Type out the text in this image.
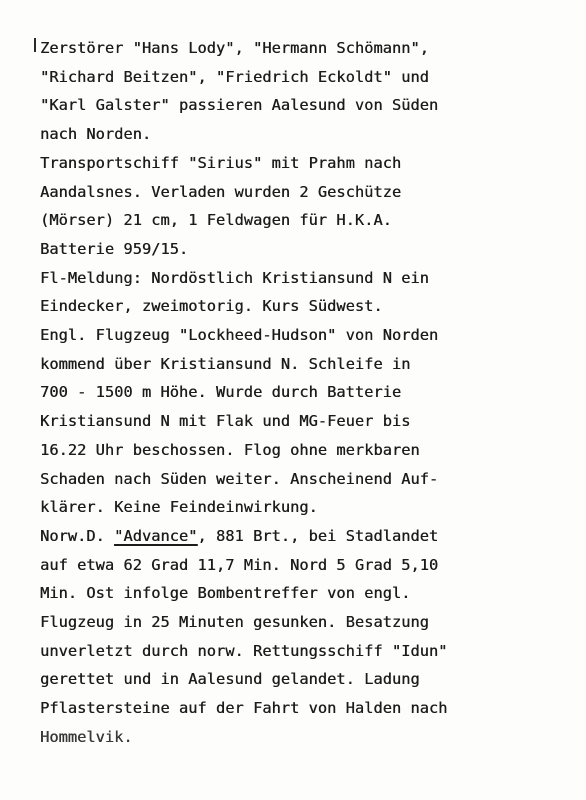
Zerstörer "Hans Lody", "Hermann Schömann",
"Richard Beitzen", "Friedrich Eckoldt" und
"Karl Galster" passieren Aalesund von Süden
nach Norden.
Transportschiff "Sirius" mit Prahm nach
Aandalsnes. Verladen wurden 2 Geschütze
(Mörser) 21 cm, 1 Feldwagen für H.K.A.
Batterie 959/15.
Fl-Meldung: Nordöstlich Kristiansund N ein
Eindecker, zweimotorig. Kurs Südwest.
Engl. Flugzeug "Lockheed-Hudson" von Norden
kommend über Kristiansund N. Schleife in
700 - 1500 m Höhe. Wurde durch Batterie
Kristiansund N mit Flak und MG-Feuer bis
16.22 Uhr beschossen. Flog ohne merkbaren
Schaden nach Süden weiter. Anscheinend Auf-
klärer. Keine Feindeinwirkung.
Norw.D. "Advance", 881 Brt., bei Stadlandet
auf etwa 62 Grad 11,7 Min. Nord 5 Grad 5,10
Min. Ost infolge Bombentreffer von engl.
Flugzeug in 25 Minuten gesunken. Besatzung
unverletzt durch norw. Rettungsschiff "Idun"
gerettet und in Aalesund gelandet. Ladung
Pflastersteine auf der Fahrt von Halden nach
Hommelvik.
